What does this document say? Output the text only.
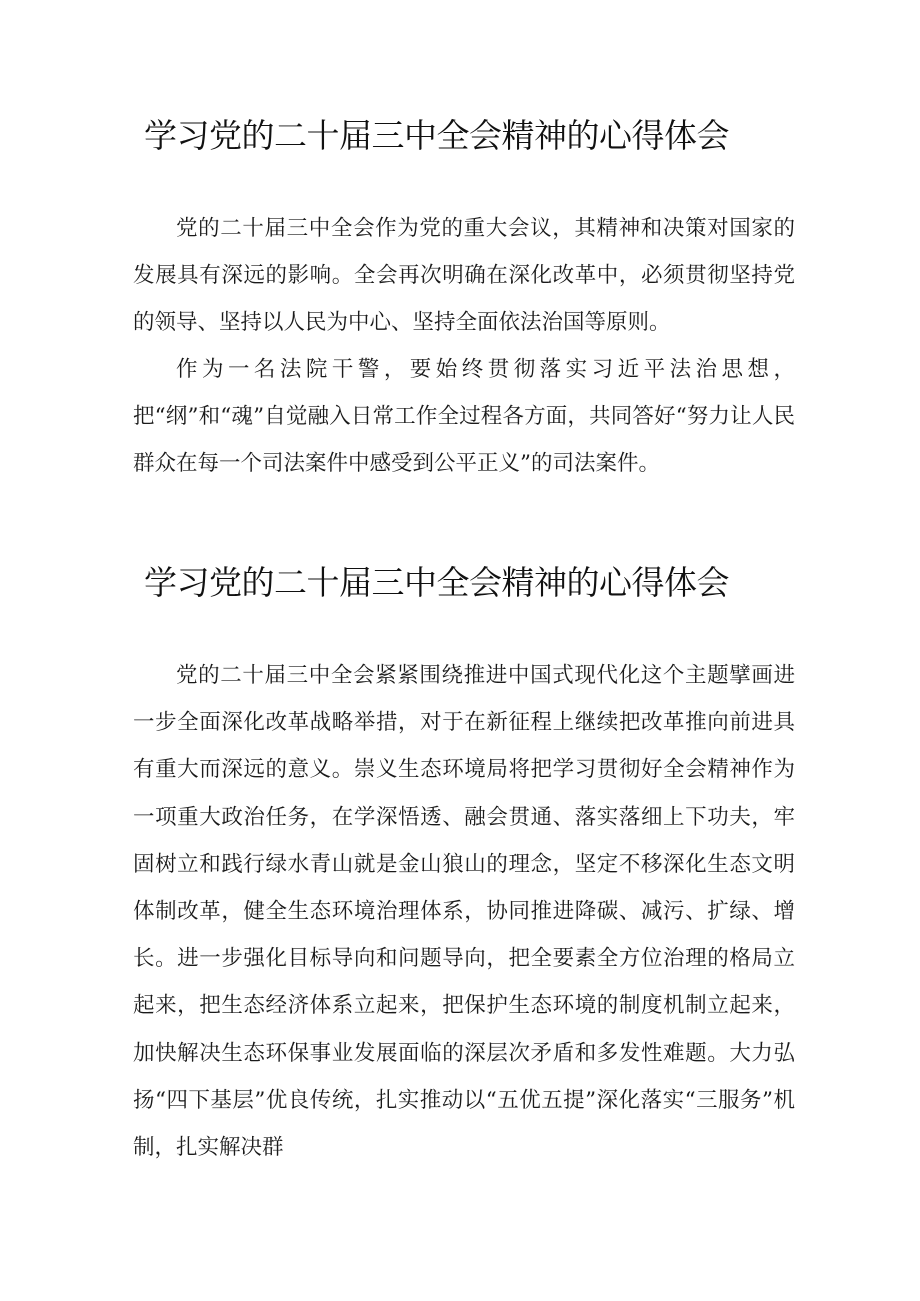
学习党的二十届三中全会精神的心得体会

党的二十届三中全会作为党的重大会议，其精神和决策对国家的发展具有深远的影响。全会再次明确在深化改革中，必须贯彻坚持党的领导、坚持以人民为中心、坚持全面依法治国等原则。

作为一名法院干警，要始终贯彻落实习近平法治思想，把“纲”和“魂”自觉融入日常工作全过程各方面，共同答好“努力让人民群众在每一个司法案件中感受到公平正义”的司法案件。

学习党的二十届三中全会精神的心得体会

党的二十届三中全会紧紧围绕推进中国式现代化这个主题擘画进一步全面深化改革战略举措，对于在新征程上继续把改革推向前进具有重大而深远的意义。崇义生态环境局将把学习贯彻好全会精神作为一项重大政治任务，在学深悟透、融会贯通、落实落细上下功夫，牢固树立和践行绿水青山就是金山狼山的理念，坚定不移深化生态文明体制改革，健全生态环境治理体系，协同推进降碳、减污、扩绿、增长。进一步强化目标导向和问题导向，把全要素全方位治理的格局立起来，把生态经济体系立起来，把保护生态环境的制度机制立起来，加快解决生态环保事业发展面临的深层次矛盾和多发性难题。大力弘扬“四下基层”优良传统，扎实推动以“五优五提”深化落实“三服务”机制，扎实解决群
